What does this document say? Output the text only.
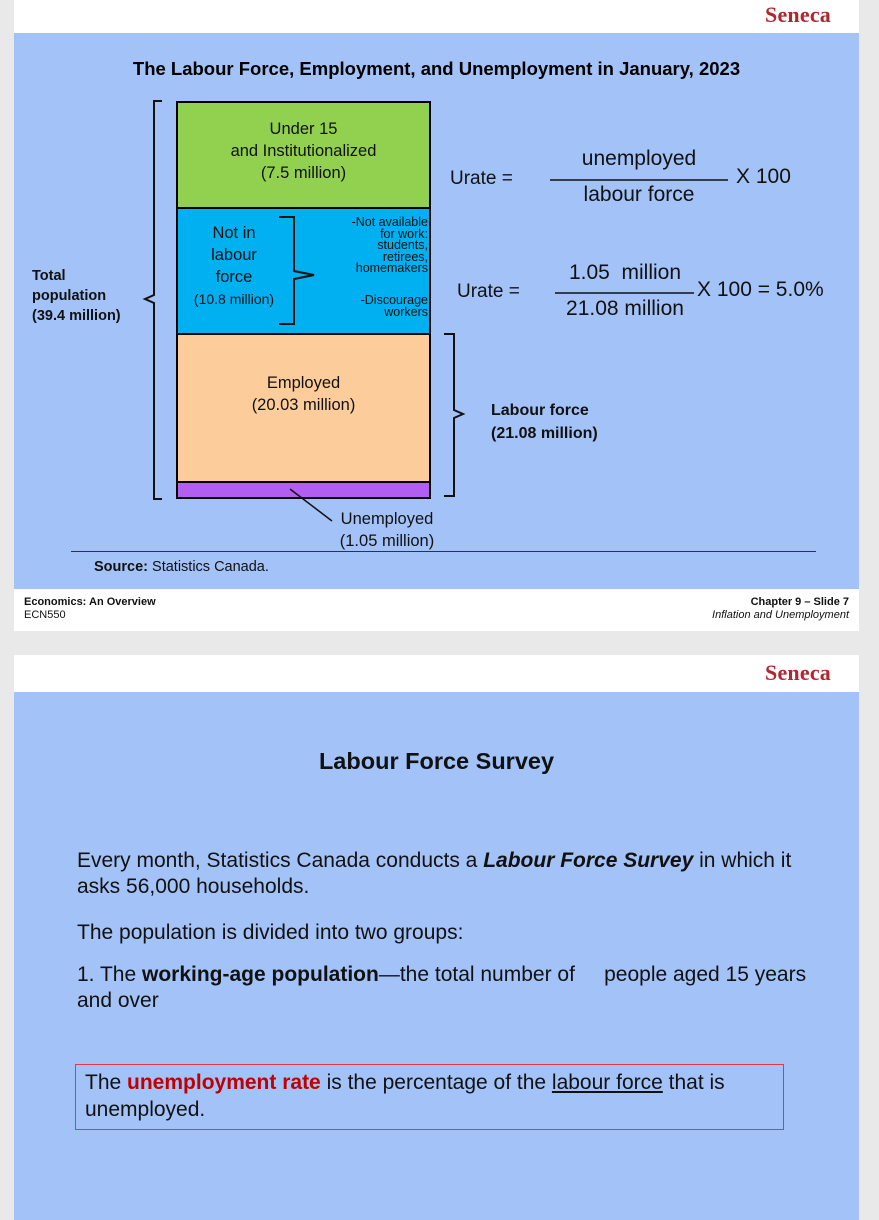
Seneca
The Labour Force, Employment, and Unemployment in January, 2023
Under 15
and Institutionalized
(7.5 million)
Not in
labour
force
(10.8 million)
-Not available
for work:
students,
retirees,
homemakers
-Discourage
workers
Employed
(20.03 million)
Unemployed
(1.05 million)
Total
population
(39.4 million)
Labour force
(21.08 million)
Urate =
unemployed
labour force
X 100
Urate =
1.05  million
21.08 million
X 100 = 5.0%
Source: Statistics Canada.
Economics: An Overview
ECN550
Chapter 9 – Slide 7
Inflation and Unemployment
Seneca
Labour Force Survey
Every month, Statistics Canada conducts a Labour Force Survey in which it asks 56,000 households.
The population is divided into two groups:
1. The working-age population—the total number of     people aged 15 years and over
The unemployment rate is the percentage of the labour force that is unemployed.
